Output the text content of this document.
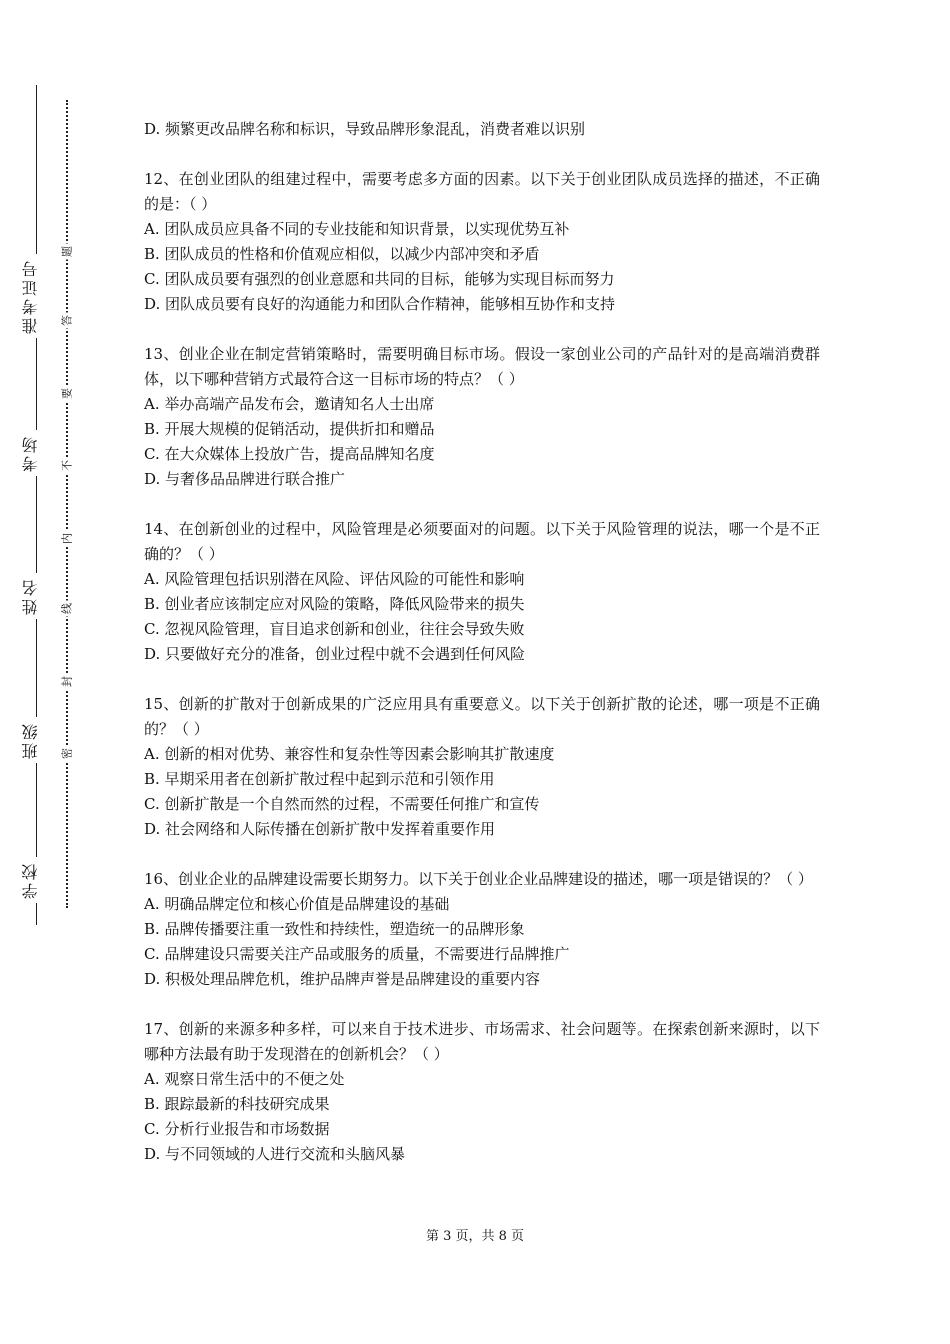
准考证号
考场
姓名
班级
学校
题
答
要
不
内
线
封
密
D. 频繁更改品牌名称和标识，导致品牌形象混乱，消费者难以识别
12、在创业团队的组建过程中，需要考虑多方面的因素。以下关于创业团队成员选择的描述，不正确的是：（ ）
A. 团队成员应具备不同的专业技能和知识背景，以实现优势互补
B. 团队成员的性格和价值观应相似，以减少内部冲突和矛盾
C. 团队成员要有强烈的创业意愿和共同的目标，能够为实现目标而努力
D. 团队成员要有良好的沟通能力和团队合作精神，能够相互协作和支持
13、创业企业在制定营销策略时，需要明确目标市场。假设一家创业公司的产品针对的是高端消费群体，以下哪种营销方式最符合这一目标市场的特点？（ ）
A. 举办高端产品发布会，邀请知名人士出席
B. 开展大规模的促销活动，提供折扣和赠品
C. 在大众媒体上投放广告，提高品牌知名度
D. 与奢侈品品牌进行联合推广
14、在创新创业的过程中，风险管理是必须要面对的问题。以下关于风险管理的说法，哪一个是不正确的？（ ）
A. 风险管理包括识别潜在风险、评估风险的可能性和影响
B. 创业者应该制定应对风险的策略，降低风险带来的损失
C. 忽视风险管理，盲目追求创新和创业，往往会导致失败
D. 只要做好充分的准备，创业过程中就不会遇到任何风险
15、创新的扩散对于创新成果的广泛应用具有重要意义。以下关于创新扩散的论述，哪一项是不正确的？（ ）
A. 创新的相对优势、兼容性和复杂性等因素会影响其扩散速度
B. 早期采用者在创新扩散过程中起到示范和引领作用
C. 创新扩散是一个自然而然的过程，不需要任何推广和宣传
D. 社会网络和人际传播在创新扩散中发挥着重要作用
16、创业企业的品牌建设需要长期努力。以下关于创业企业品牌建设的描述，哪一项是错误的？（ ）
A. 明确品牌定位和核心价值是品牌建设的基础
B. 品牌传播要注重一致性和持续性，塑造统一的品牌形象
C. 品牌建设只需要关注产品或服务的质量，不需要进行品牌推广
D. 积极处理品牌危机，维护品牌声誉是品牌建设的重要内容
17、创新的来源多种多样，可以来自于技术进步、市场需求、社会问题等。在探索创新来源时，以下哪种方法最有助于发现潜在的创新机会？（ ）
A. 观察日常生活中的不便之处
B. 跟踪最新的科技研究成果
C. 分析行业报告和市场数据
D. 与不同领域的人进行交流和头脑风暴
第 3 页，共 8 页
